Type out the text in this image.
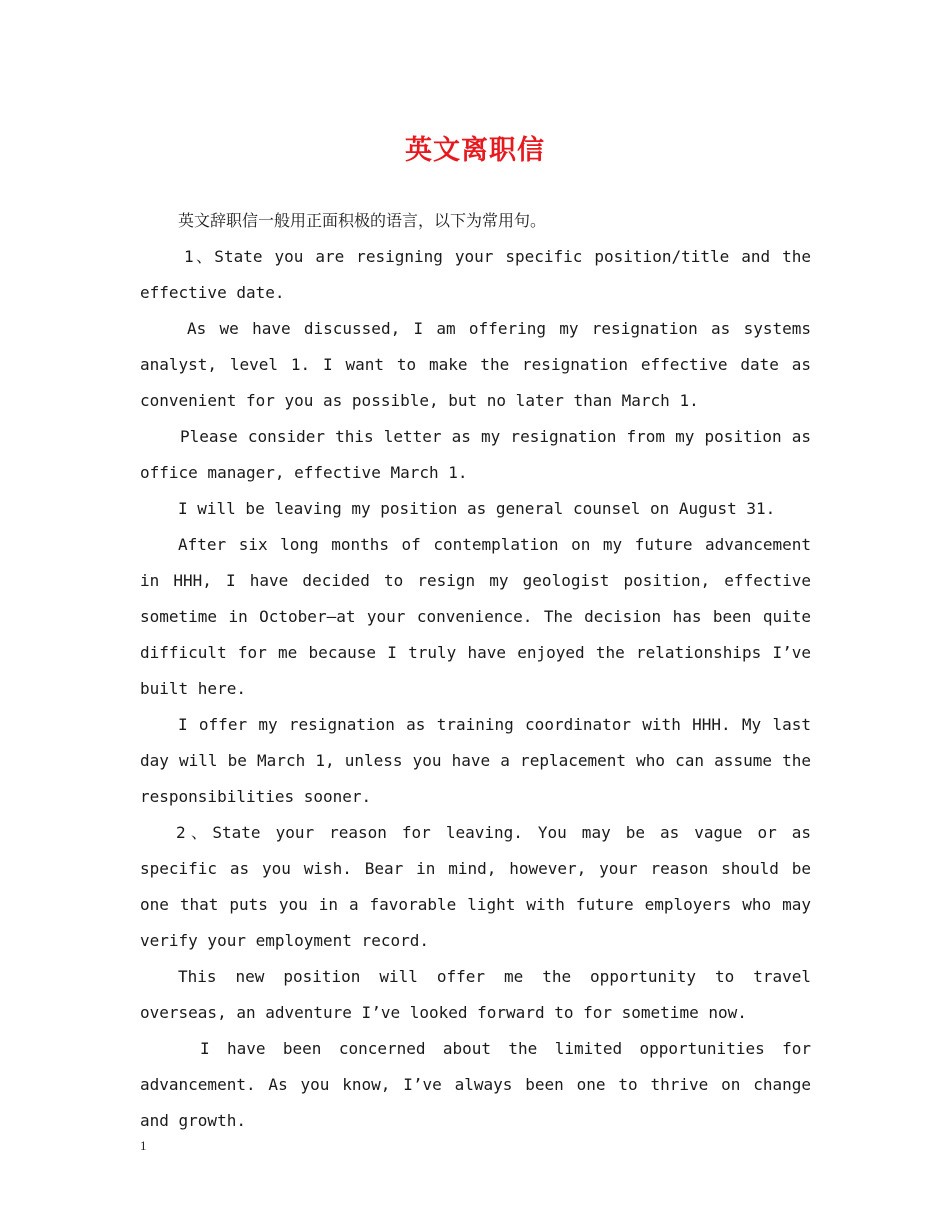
英文离职信

英文辞职信一般用正面积极的语言，以下为常用句。

1、State you are resigning your specific position/title and the effective date.

As we have discussed, I am offering my resignation as systems analyst, level 1. I want to make the resignation effective date as convenient for you as possible, but no later than March 1.

Please consider this letter as my resignation from my position as office manager, effective March 1.

I will be leaving my position as general counsel on August 31.

After six long months of contemplation on my future advancement in HHH, I have decided to resign my geologist position, effective sometime in October–at your convenience. The decision has been quite difficult for me because I truly have enjoyed the relationships I’ve built here.

I offer my resignation as training coordinator with HHH. My last day will be March 1, unless you have a replacement who can assume the responsibilities sooner.

2、State your reason for leaving. You may be as vague or as specific as you wish. Bear in mind, however, your reason should be one that puts you in a favorable light with future employers who may verify your employment record.

This new position will offer me the opportunity to travel overseas, an adventure I’ve looked forward to for sometime now.

I have been concerned about the limited opportunities for advancement. As you know, I’ve always been one to thrive on change and growth.

1
